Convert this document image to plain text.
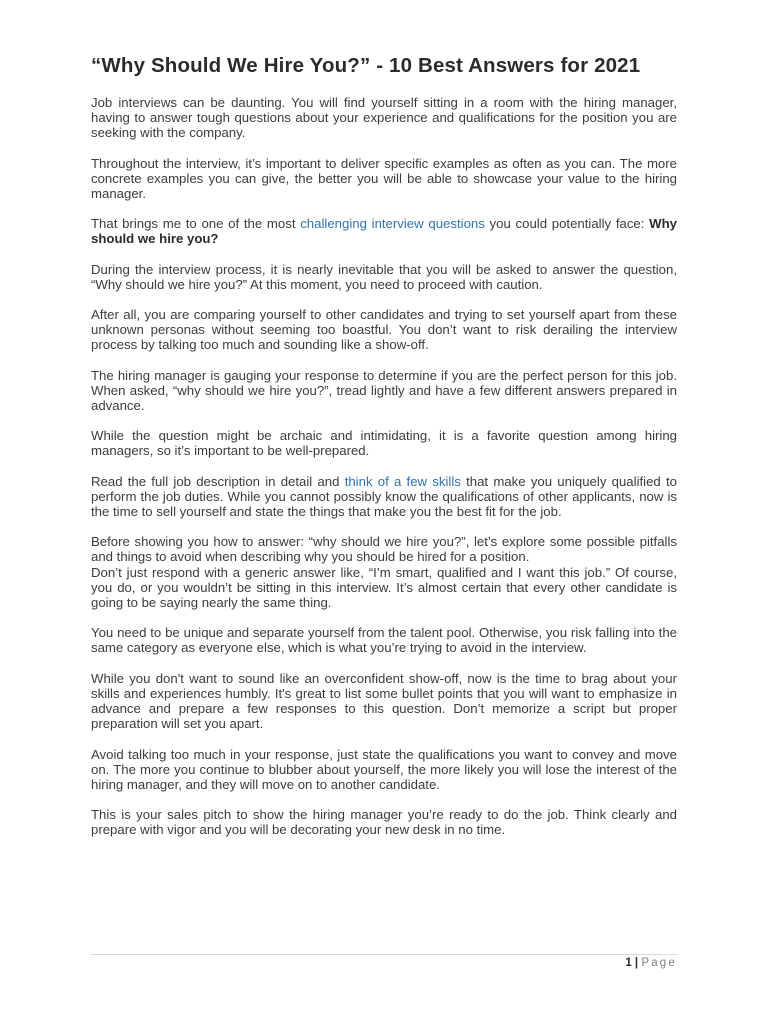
“Why Should We Hire You?” - 10 Best Answers for 2021

Job interviews can be daunting. You will find yourself sitting in a room with the hiring manager, having to answer tough questions about your experience and qualifications for the position you are seeking with the company.

Throughout the interview, it’s important to deliver specific examples as often as you can. The more concrete examples you can give, the better you will be able to showcase your value to the hiring manager.

That brings me to one of the most challenging interview questions you could potentially face: Why should we hire you?

During the interview process, it is nearly inevitable that you will be asked to answer the question, “Why should we hire you?” At this moment, you need to proceed with caution.

After all, you are comparing yourself to other candidates and trying to set yourself apart from these unknown personas without seeming too boastful. You don’t want to risk derailing the interview process by talking too much and sounding like a show-off.

The hiring manager is gauging your response to determine if you are the perfect person for this job. When asked, “why should we hire you?”, tread lightly and have a few different answers prepared in advance.

While the question might be archaic and intimidating, it is a favorite question among hiring managers, so it’s important to be well-prepared.

Read the full job description in detail and think of a few skills that make you uniquely qualified to perform the job duties. While you cannot possibly know the qualifications of other applicants, now is the time to sell yourself and state the things that make you the best fit for the job.

Before showing you how to answer: “why should we hire you?”, let’s explore some possible pitfalls and things to avoid when describing why you should be hired for a position.

Don’t just respond with a generic answer like, “I’m smart, qualified and I want this job.” Of course, you do, or you wouldn’t be sitting in this interview. It’s almost certain that every other candidate is going to be saying nearly the same thing.

You need to be unique and separate yourself from the talent pool. Otherwise, you risk falling into the same category as everyone else, which is what you’re trying to avoid in the interview.

While you don't want to sound like an overconfident show-off, now is the time to brag about your skills and experiences humbly. It's great to list some bullet points that you will want to emphasize in advance and prepare a few responses to this question. Don’t memorize a script but proper preparation will set you apart.

Avoid talking too much in your response, just state the qualifications you want to convey and move on. The more you continue to blubber about yourself, the more likely you will lose the interest of the hiring manager, and they will move on to another candidate.

This is your sales pitch to show the hiring manager you’re ready to do the job. Think clearly and prepare with vigor and you will be decorating your new desk in no time.

1 | Page
